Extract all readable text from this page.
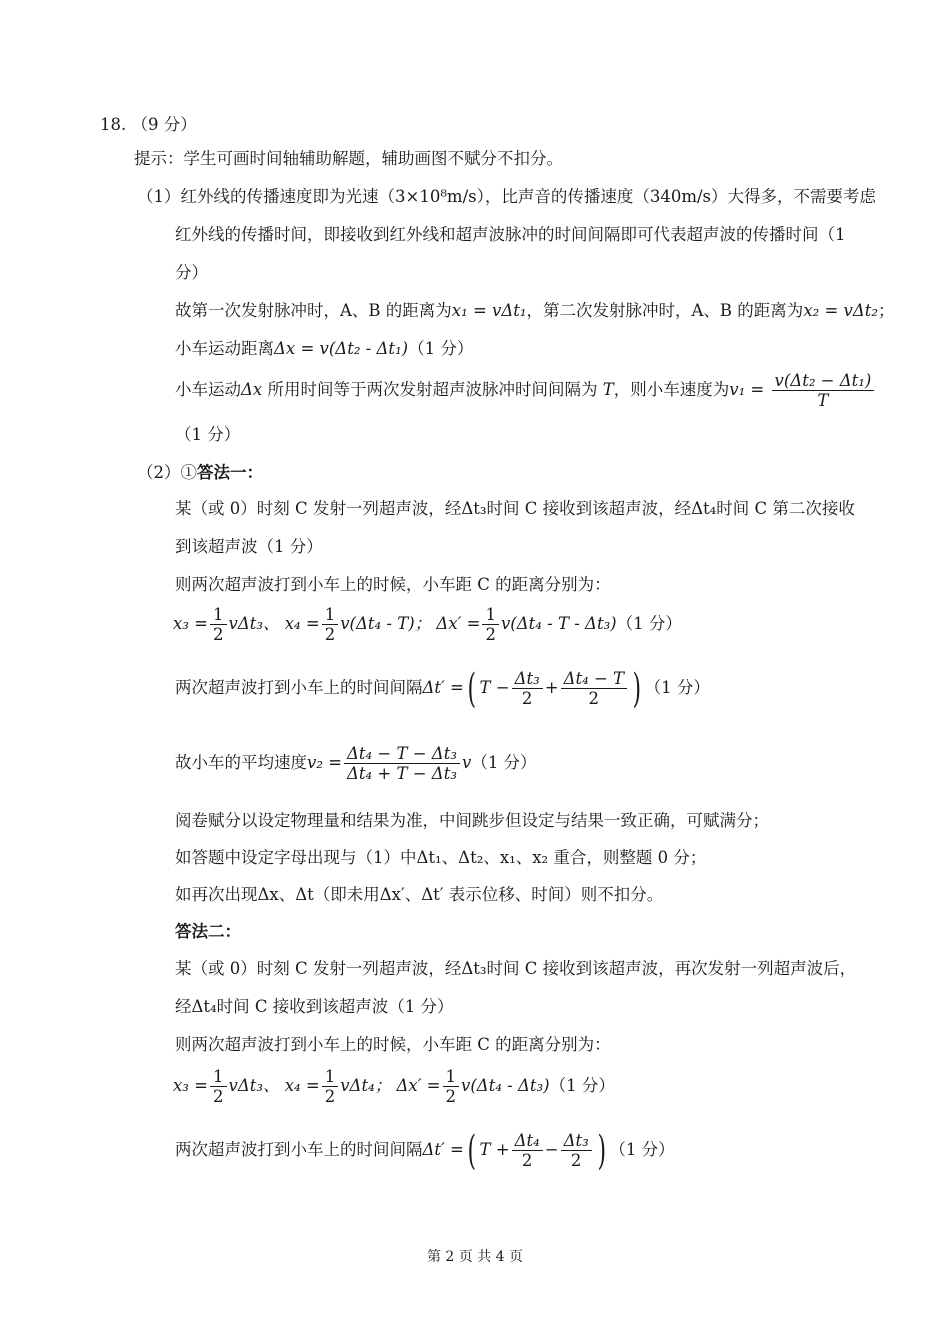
18. （9 分）
提示：学生可画时间轴辅助解题，辅助画图不赋分不扣分。
（1）红外线的传播速度即为光速（3×10⁸m/s），比声音的传播速度（340m/s）大得多，不需要考虑
红外线的传播时间，即接收到红外线和超声波脉冲的时间间隔即可代表超声波的传播时间（1
分）
故第一次发射脉冲时，A、B 的距离为x₁ = vΔt₁，第二次发射脉冲时，A、B 的距离为x₂ = vΔt₂；
小车运动距离Δx = v(Δt₂ - Δt₁)（1 分）
小车运动Δx 所用时间等于两次发射超声波脉冲时间间隔为 T，则小车速度为$v_1 = \frac{\text{v(Δt₂ − Δt₁)}}{T}$
（1 分）
（2）①答法一：
某（或 0）时刻 C 发射一列超声波，经Δt₃时间 C 接收到该超声波，经Δt₄时间 C 第二次接收
到该超声波（1 分）
则两次超声波打到小车上的时候，小车距 C 的距离分别为：
$x_3 = \frac{1}{2} v\Delta t_3$、 $x_4 = \frac{1}{2} v(\Delta t_4 - T)$； $\Delta x' = \frac{1}{2} v(\Delta t_4 - T - \Delta t_3)(1$ 分）
两次超声波打到小车上的时间间隔Δt′ =( $T - \frac{\text{Δt₃}}{2} + \frac{\text{Δt₄ − T}}{2}$ ) （1 分）
故小车的平均速度$v_2 = \frac{\text{Δt₄ − T − Δt₃}}{\text{Δt₄ + T − Δt₃}} v(1$ 分）
阅卷赋分以设定物理量和结果为准，中间跳步但设定与结果一致正确，可赋满分；
如答题中设定字母出现与（1）中Δt₁、Δt₂、x₁、x₂ 重合，则整题 0 分；
如再次出现Δx、Δt（即未用Δx′、Δt′ 表示位移、时间）则不扣分。
答法二：
某（或 0）时刻 C 发射一列超声波，经Δt₃时间 C 接收到该超声波，再次发射一列超声波后，
经Δt₄时间 C 接收到该超声波（1 分）
则两次超声波打到小车上的时候，小车距 C 的距离分别为：
$x_3 = \frac{1}{2} v\Delta t_3$、 $x_4 = \frac{1}{2} v\Delta t_4$； $\Delta x' = \frac{1}{2} v(\Delta t_4 - \Delta t_3)(1$ 分）
两次超声波打到小车上的时间间隔Δt′ =( $T + \frac{\text{Δt₄}}{2} - \frac{\text{Δt₃}}{2}$ ) （1 分）
第 2 页 共 4 页
